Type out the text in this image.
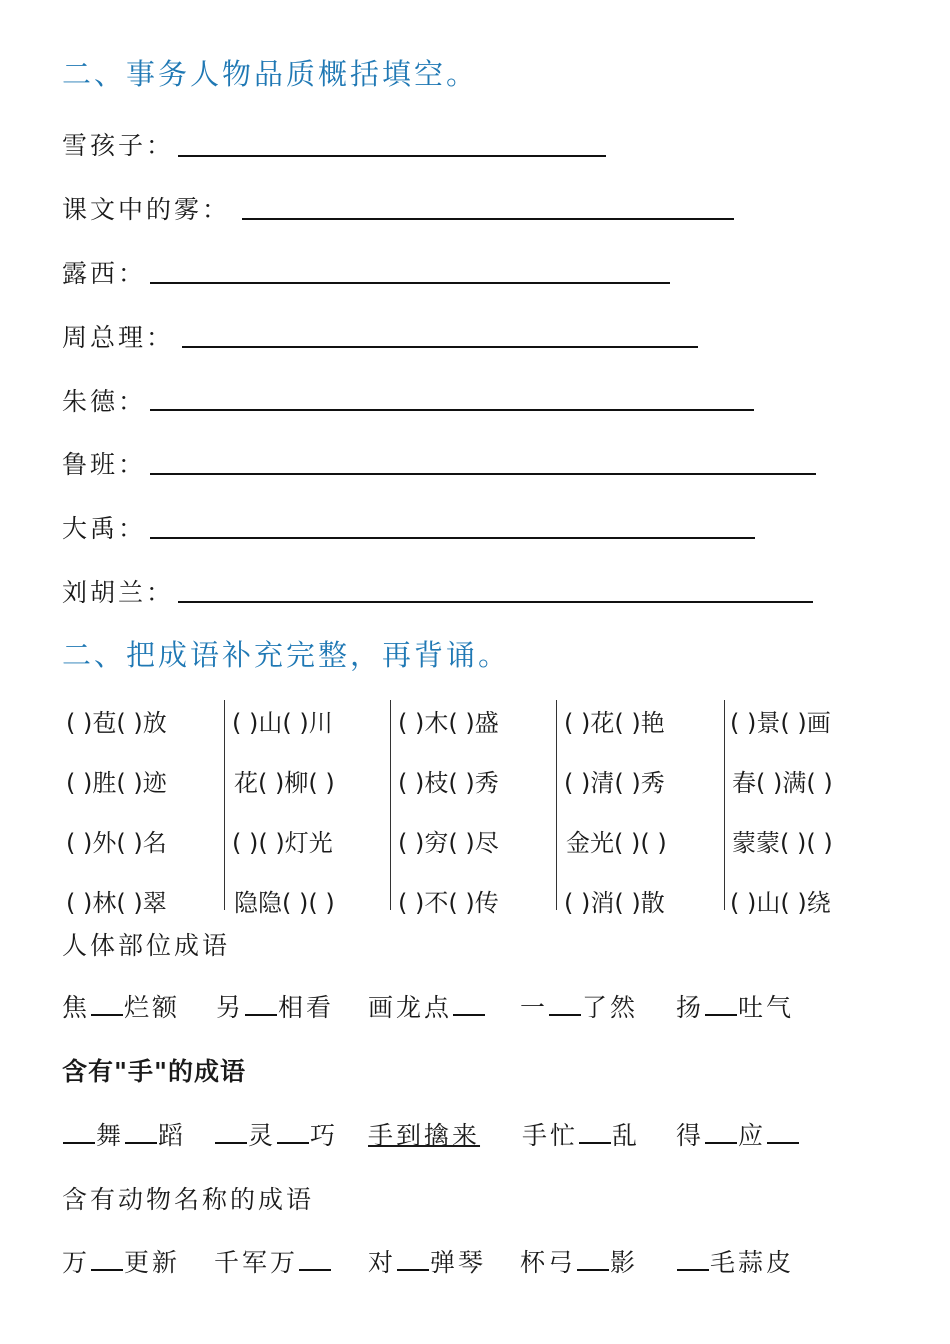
二、事务人物品质概括填空。
雪孩子：
课文中的雾：
露西：
周总理：
朱德：
鲁班：
大禹：
刘胡兰：
二、把成语补充完整，再背诵。
( )苞( )放	( )山( )川	( )木( )盛	( )花( )艳	( )景( )画
( )胜( )迹	花( )柳( )	( )枝( )秀	( )清( )秀	春( )满( )
( )外( )名	( )( )灯光	( )穷( )尽	金光( )( )	蒙蒙( )( )
( )林( )翠	隐隐( )( )	( )不( )传	( )消( )散	( )山( )绕
人体部位成语
焦 烂额 另 相看 画龙点	一 了然 扬 吐气
含有"手"的成语
舞 蹈	灵 巧 手到擒来 手忙 乱 得 应
含有动物名称的成语
万 更新 千军万	对 弹琴 杯弓 影	毛蒜皮
